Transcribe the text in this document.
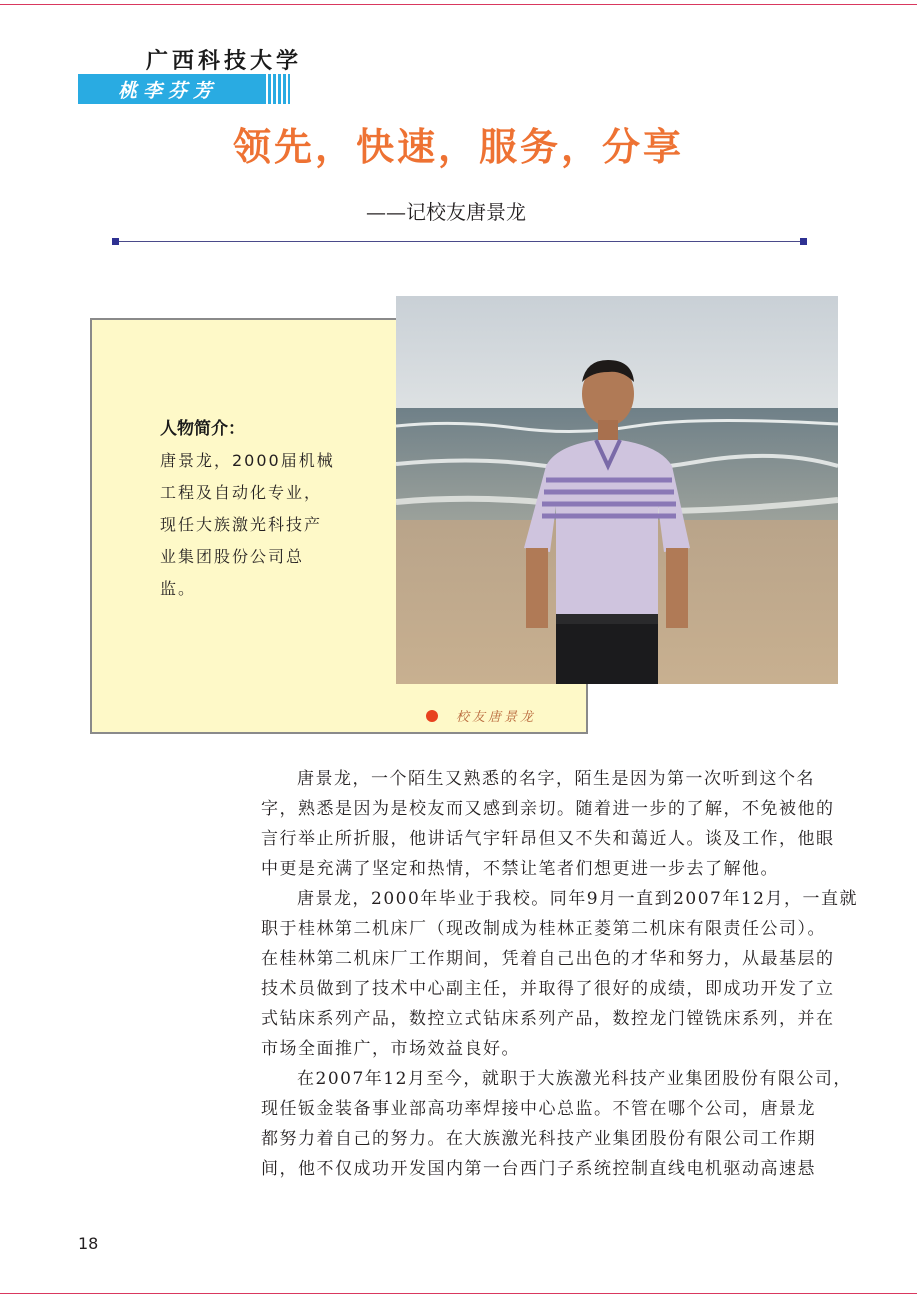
广西科技大学
桃李芬芳
领先，快速，服务，分享
——记校友唐景龙
人物简介：
唐景龙，2000届机械
工程及自动化专业，
现任大族激光科技产
业集团股份公司总
监。
校友唐景龙
唐景龙，一个陌生又熟悉的名字，陌生是因为第一次听到这个名
字，熟悉是因为是校友而又感到亲切。随着进一步的了解，不免被他的
言行举止所折服，他讲话气宇轩昂但又不失和蔼近人。谈及工作，他眼
中更是充满了坚定和热情，不禁让笔者们想更进一步去了解他。
唐景龙，2000年毕业于我校。同年9月一直到2007年12月，一直就
职于桂林第二机床厂（现改制成为桂林正菱第二机床有限责任公司）。
在桂林第二机床厂工作期间，凭着自己出色的才华和努力，从最基层的
技术员做到了技术中心副主任，并取得了很好的成绩，即成功开发了立
式钻床系列产品，数控立式钻床系列产品，数控龙门镗铣床系列，并在
市场全面推广，市场效益良好。
在2007年12月至今，就职于大族激光科技产业集团股份有限公司，
现任钣金装备事业部高功率焊接中心总监。不管在哪个公司，唐景龙
都努力着自己的努力。在大族激光科技产业集团股份有限公司工作期
间，他不仅成功开发国内第一台西门子系统控制直线电机驱动高速悬
18
